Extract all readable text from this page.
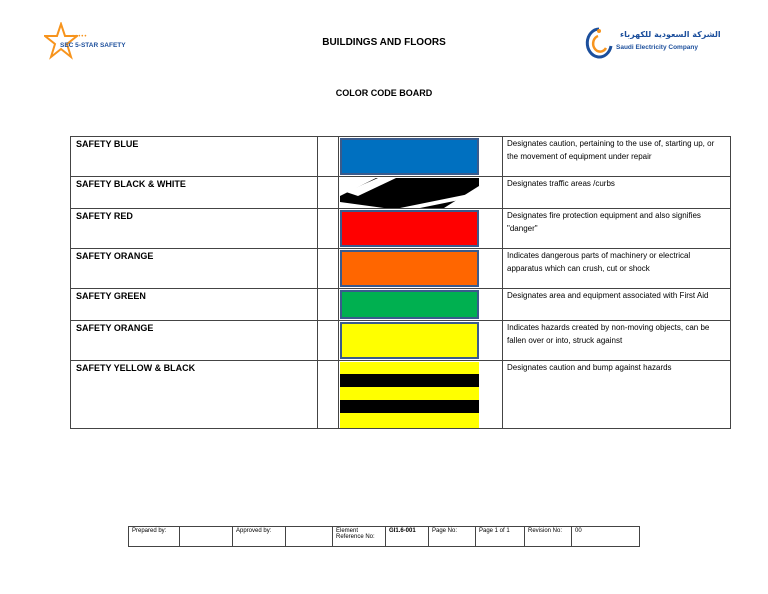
•••••
SEC 5-STAR SAFETY	BUILDINGS AND FLOORS
الشركة السعودية للكهرباء
Saudi Electricity Company
COLOR CODE BOARD
SAFETY BLUE			Designates caution, pertaining to the use of, starting up, or the movement of equipment under repair
SAFETY BLACK & WHITE			Designates traffic areas /curbs
SAFETY RED			Designates fire protection equipment and also signifies "danger"
SAFETY ORANGE			Indicates dangerous parts of machinery or electrical apparatus which can crush, cut or shock
SAFETY GREEN			Designates area and equipment associated with First Aid
SAFETY ORANGE			Indicates hazards created by non-moving objects, can be fallen over or into, struck against
SAFETY YELLOW & BLACK			Designates caution and bump against hazards
Prepared by:		Approved by:		Element Reference No:	GI1.6-001	Page No:	Page 1 of 1	Revision No:	00
